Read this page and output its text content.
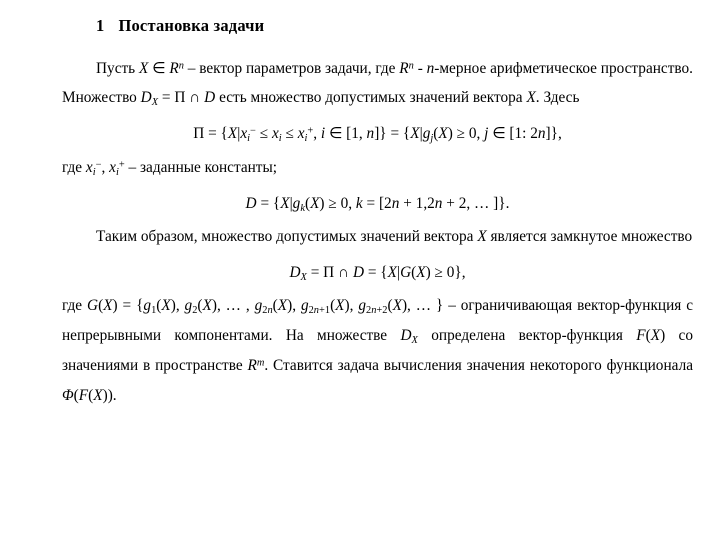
1 Постановка задачи

Пусть X ∈ $R^n$ – вектор параметров задачи, где $R^n$ - n-мерное арифметическое пространство. Множество $D_X = \Pi$ ∩ D есть множество допустимых значений вектора X. Здесь

$\Pi = \{X|x_i^- \le x_i \le x_i^+$, i ∈ [1, $n]\} = \{X|g_j(X) \ge 0$, j ∈ [1: 2n]},

где $x_i^-$, $x_i^+$ – заданные константы;

$D = \{X|g_k(X) \ge 0$, k = [2n + 1,2n + 2, … ]}.

Таким образом, множество допустимых значений вектора X является замкнутое множество

$D_X = \Pi$ ∩ D = {X|G(X) ≥ 0},

где G(X) = {g1(X), g2(X), … , g2n(X), g2n+1(X), g2n+2(X), … } – ограничивающая вектор-функция с непрерывными компонентами. На множестве $D_X$ определена вектор-функция F(X) со значениями в пространстве $R^m$. Ставится задача вычисления значения некоторого функционала Φ(F(X)).
